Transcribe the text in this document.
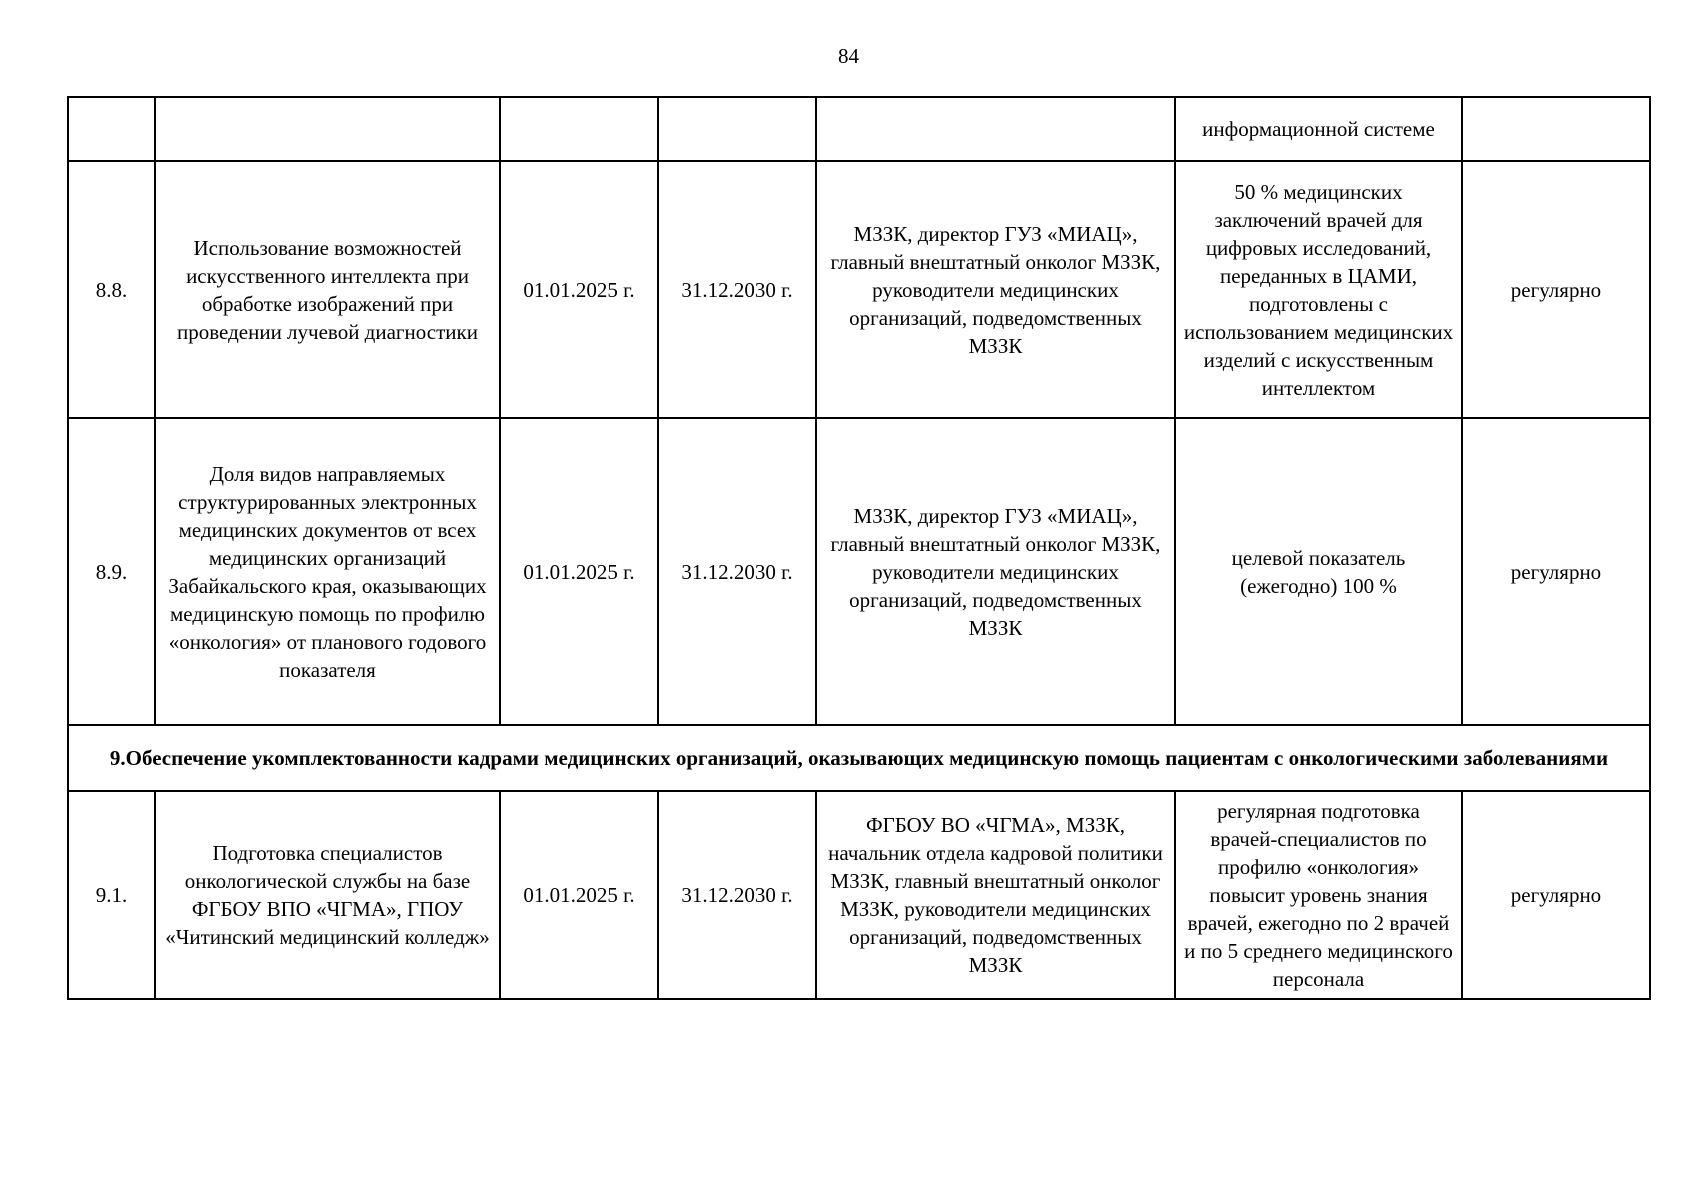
84
					информационной системе	
8.8.	Использование возможностей искусственного интеллекта при обработке изображений при проведении лучевой диагностики	01.01.2025 г.	31.12.2030 г.	МЗЗК, директор ГУЗ «МИАЦ», главный внештатный онколог МЗЗК, руководители медицинских организаций, подведомственных МЗЗК	50 % медицинских заключений врачей для цифровых исследований, переданных в ЦАМИ, подготовлены с использованием медицинских изделий с искусственным интеллектом	регулярно
8.9.	Доля видов направляемых структурированных электронных медицинских документов от всех медицинских организаций Забайкальского края, оказывающих медицинскую помощь по профилю «онкология» от планового годового показателя	01.01.2025 г.	31.12.2030 г.	МЗЗК, директор ГУЗ «МИАЦ», главный внештатный онколог МЗЗК, руководители медицинских организаций, подведомственных МЗЗК	целевой показатель (ежегодно) 100 %	регулярно
9.Обеспечение укомплектованности кадрами медицинских организаций, оказывающих медицинскую помощь пациентам с онкологическими заболеваниями						
9.1.	Подготовка специалистов онкологической службы на базе ФГБОУ ВПО «ЧГМА», ГПОУ «Читинский медицинский колледж»	01.01.2025 г.	31.12.2030 г.	ФГБОУ ВО «ЧГМА», МЗЗК, начальник отдела кадровой политики МЗЗК, главный внештатный онколог МЗЗК, руководители медицинских организаций, подведомственных МЗЗК	регулярная подготовка врачей-специалистов по профилю «онкология» повысит уровень знания врачей, ежегодно по 2 врачей и по 5 среднего медицинского персонала	регулярно
